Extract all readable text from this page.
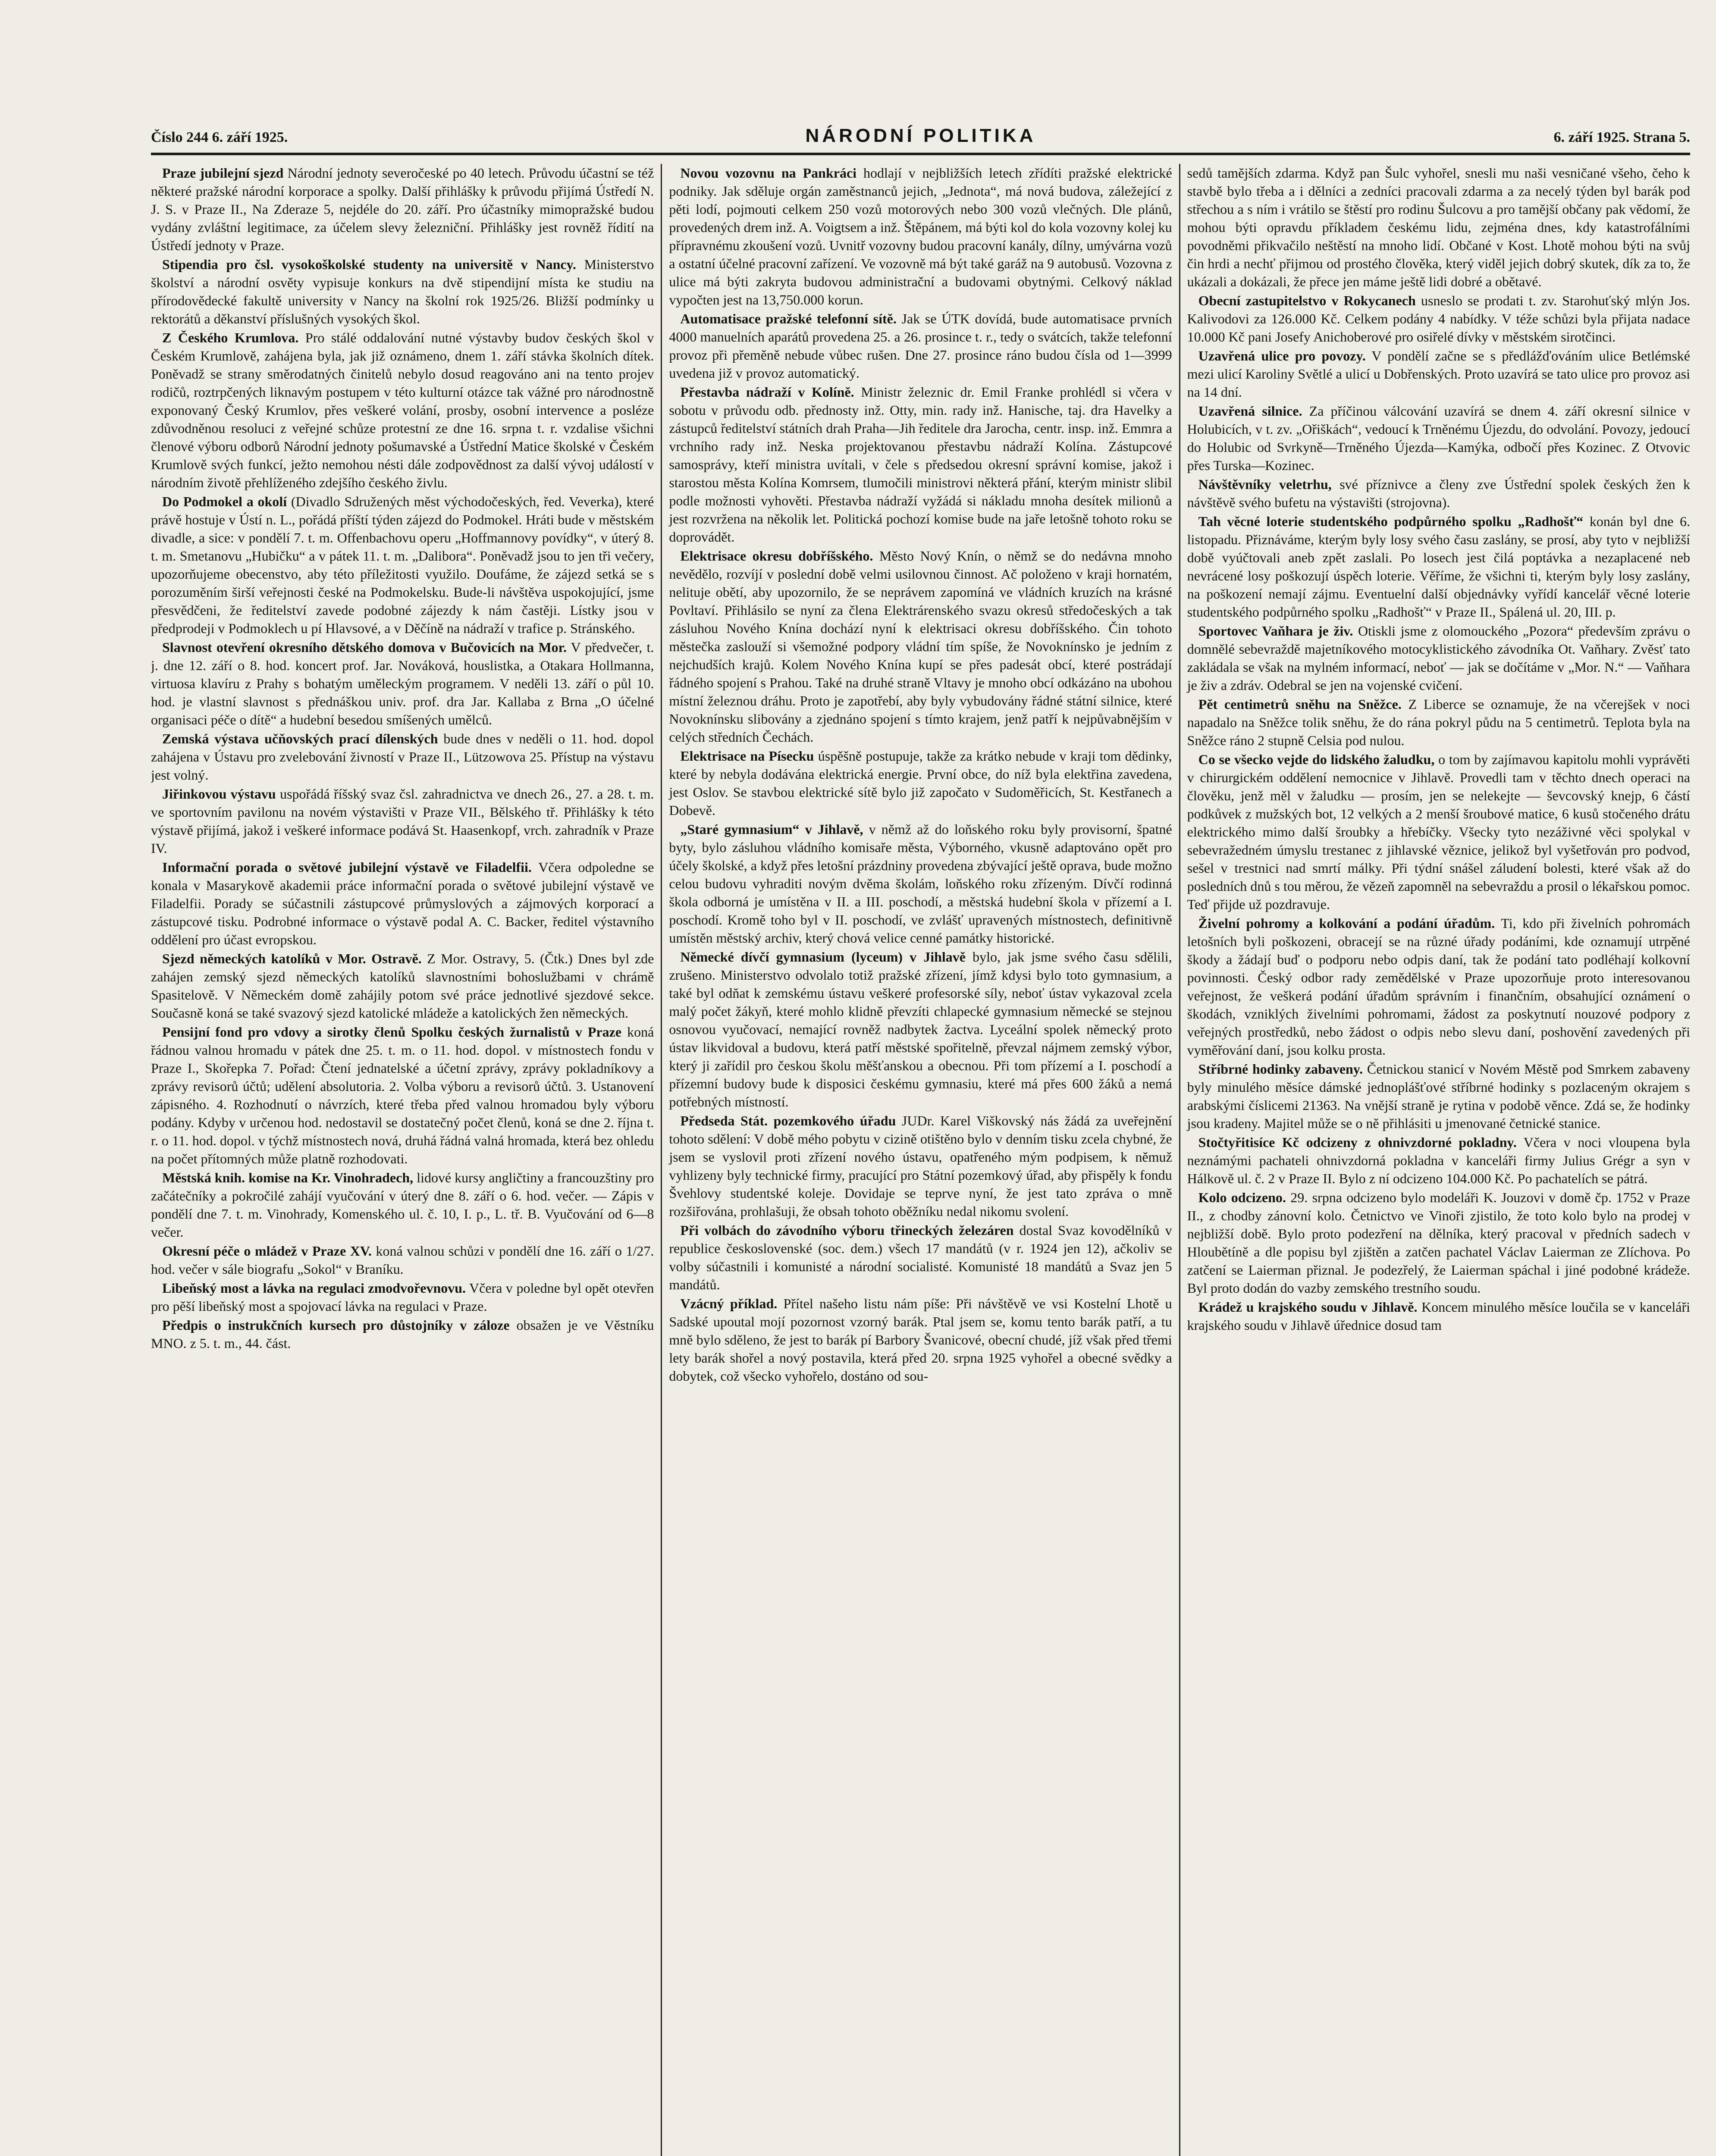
Číslo 244 6. září 1925.	NÁRODNÍ POLITIKA	6. září 1925. Strana 5.

Praze jubilejní sjezd Národní jednoty severočeské po 40 letech. Průvodu účastní se též některé pražské národní korporace a spolky. Další přihlášky k průvodu přijímá Ústředí N. J. S. v Praze II., Na Zderaze 5, nejdéle do 20. září. Pro účastníky mimopražské budou vydány zvláštní legitimace, za účelem slevy železniční. Přihlášky jest rovněž řídití na Ústředí jednoty v Praze.

Stipendia pro čsl. vysokoškolské studenty na universitě v Nancy. Ministerstvo školství a národní osvěty vypisuje konkurs na dvě stipendijní místa ke studiu na přírodovědecké fakultě university v Nancy na školní rok 1925/26. Bližší podmínky u rektorátů a děkanství příslušných vysokých škol.

Z Českého Krumlova. Pro stálé oddalování nutné výstavby budov českých škol v Českém Krumlově, zahájena byla, jak již oznámeno, dnem 1. září stávka školních dítek. Poněvadž se strany směrodatných činitelů nebylo dosud reagováno ani na tento projev rodičů, roztrpčených liknavým postupem v této kulturní otázce tak vážné pro národnostně exponovaný Český Krumlov, přes veškeré volání, prosby, osobní intervence a posléze zdůvodněnou resoluci z veřejné schůze protestní ze dne 16. srpna t. r. vzdalise všichni členové výboru odborů Národní jednoty pošumavské a Ústřední Matice školské v Českém Krumlově svých funkcí, ježto nemohou nésti dále zodpovědnost za další vývoj událostí v národním životě přehlíženého zdejšího českého živlu.

Do Podmokel a okolí (Divadlo Sdružených měst východočeských, řed. Veverka), které právě hostuje v Ústí n. L., pořádá příští týden zájezd do Podmokel. Hráti bude v městském divadle, a sice: v pondělí 7. t. m. Offenbachovu operu „Hoffmannovy povídky“, v úterý 8. t. m. Smetanovu „Hubičku“ a v pátek 11. t. m. „Dalibora“. Poněvadž jsou to jen tři večery, upozorňujeme obecenstvo, aby této příležitosti využilo. Doufáme, že zájezd setká se s porozuměním širší veřejnosti české na Podmokelsku. Bude-li návštěva uspokojující, jsme přesvědčeni, že ředitelství zavede podobné zájezdy k nám častěji. Lístky jsou v předprodeji v Podmoklech u pí Hlavsové, a v Děčíně na nádraží v trafice p. Stránského.

Slavnost otevření okresního dětského domova v Bučovicích na Mor. V předvečer, t. j. dne 12. září o 8. hod. koncert prof. Jar. Nováková, houslistka, a Otakara Hollmanna, virtuosa klavíru z Prahy s bohatým uměleckým programem. V neděli 13. září o půl 10. hod. je vlastní slavnost s přednáškou univ. prof. dra Jar. Kallaba z Brna „O účelné organisaci péče o dítě“ a hudební besedou smíšených umělců.

Zemská výstava učňovských prací dílenských bude dnes v neděli o 11. hod. dopol zahájena v Ústavu pro zvelebování živností v Praze II., Lützowova 25. Přístup na výstavu jest volný.

Jiřinkovou výstavu uspořádá říšský svaz čsl. zahradnictva ve dnech 26., 27. a 28. t. m. ve sportovním pavilonu na novém výstavišti v Praze VII., Bělského tř. Přihlášky k této výstavě přijímá, jakož i veškeré informace podává St. Haasenkopf, vrch. zahradník v Praze IV.

Informační porada o světové jubilejní výstavě ve Filadelfii. Včera odpoledne se konala v Masarykově akademii práce informační porada o světové jubilejní výstavě ve Filadelfii. Porady se súčastnili zástupcové průmyslových a zájmových korporací a zástupcové tisku. Podrobné informace o výstavě podal A. C. Backer, ředitel výstavního oddělení pro účast evropskou.

Sjezd německých katolíků v Mor. Ostravě. Z Mor. Ostravy, 5. (Čtk.) Dnes byl zde zahájen zemský sjezd německých katolíků slavnostními bohoslužbami v chrámě Spasitelově. V Německém domě zahájily potom své práce jednotlivé sjezdové sekce. Současně koná se také svazový sjezd katolické mládeže a katolických žen německých.

Pensijní fond pro vdovy a sirotky členů Spolku českých žurnalistů v Praze koná řádnou valnou hromadu v pátek dne 25. t. m. o 11. hod. dopol. v místnostech fondu v Praze I., Skořepka 7. Pořad: Čtení jednatelské a účetní zprávy, zprávy pokladníkovy a zprávy revisorů účtů; udělení absolutoria. 2. Volba výboru a revisorů účtů. 3. Ustanovení zápisného. 4. Rozhodnutí o návrzích, které třeba před valnou hromadou byly výboru podány. Kdyby v určenou hod. nedostavil se dostatečný počet členů, koná se dne 2. října t. r. o 11. hod. dopol. v týchž místnostech nová, druhá řádná valná hromada, která bez ohledu na počet přítomných může platně rozhodovati.

Městská knih. komise na Kr. Vinohradech, lidové kursy angličtiny a francouzštiny pro začátečníky a pokročilé zahájí vyučování v úterý dne 8. září o 6. hod. večer. — Zápis v pondělí dne 7. t. m. Vinohrady, Komenského ul. č. 10, I. p., L. tř. B. Vyučování od 6—8 večer.

Okresní péče o mládež v Praze XV. koná valnou schůzi v pondělí dne 16. září o 1/27. hod. večer v sále biografu „Sokol“ v Braníku.

Libeňský most a lávka na regulaci zmodvořevnovu. Včera v poledne byl opět otevřen pro pěší libeňský most a spojovací lávka na regulaci v Praze.

Předpis o instrukčních kursech pro důstojníky v záloze obsažen je ve Věstníku MNO. z 5. t. m., 44. část.

Novou vozovnu na Pankráci hodlají v nejbližších letech zřídíti pražské elektrické podniky. Jak sděluje orgán zaměstnanců jejich, „Jednota“, má nová budova, záležející z pěti lodí, pojmouti celkem 250 vozů motorových nebo 300 vozů vlečných. Dle plánů, provedených drem inž. A. Voigtsem a inž. Štěpánem, má býti kol do kola vozovny kolej ku přípravnému zkoušení vozů. Uvnitř vozovny budou pracovní kanály, dílny, umývárna vozů a ostatní účelné pracovní zařízení. Ve vozovně má být také garáž na 9 autobusů. Vozovna z ulice má býti zakryta budovou administrační a budovami obytnými. Celkový náklad vypočten jest na 13,750.000 korun.

Automatisace pražské telefonní sítě. Jak se ÚTK dovídá, bude automatisace prvních 4000 manuelních aparátů provedena 25. a 26. prosince t. r., tedy o svátcích, takže telefonní provoz při přeměně nebude vůbec rušen. Dne 27. prosince ráno budou čísla od 1—3999 uvedena již v provoz automatický.

Přestavba nádraží v Kolíně. Ministr železnic dr. Emil Franke prohlédl si včera v sobotu v průvodu odb. přednosty inž. Otty, min. rady inž. Hanische, taj. dra Havelky a zástupců ředitelství státních drah Praha—Jih ředitele dra Jarocha, centr. insp. inž. Emmra a vrchního rady inž. Neska projektovanou přestavbu nádraží Kolína. Zástupcové samosprávy, kteří ministra uvítali, v čele s předsedou okresní správní komise, jakož i starostou města Kolína Komrsem, tlumočili ministrovi některá přání, kterým ministr slibil podle možnosti vyhověti. Přestavba nádraží vyžádá si nákladu mnoha desítek milionů a jest rozvržena na několik let. Politická pochozí komise bude na jaře letošně tohoto roku se doprovádět.

Elektrisace okresu dobříšského. Město Nový Knín, o němž se do nedávna mnoho nevědělo, rozvíjí v poslední době velmi usilovnou činnost. Ač položeno v kraji hornatém, nelituje obětí, aby upozornilo, že se neprávem zapomíná ve vládních kruzích na krásné Povltaví. Přihlásilo se nyní za člena Elektrárenského svazu okresů středočeských a tak zásluhou Nového Knína dochází nyní k elektrisaci okresu dobříšského. Čin tohoto městečka zaslouží si všemožné podpory vládní tím spíše, že Novoknínsko je jedním z nejchudších krajů. Kolem Nového Knína kupí se přes padesát obcí, které postrádají řádného spojení s Prahou. Také na druhé straně Vltavy je mnoho obcí odkázáno na ubohou místní železnou dráhu. Proto je zapotřebí, aby byly vybudovány řádné státní silnice, které Novoknínsku slibovány a zjednáno spojení s tímto krajem, jenž patří k nejpůvabnějším v celých středních Čechách.

Elektrisace na Písecku úspěšně postupuje, takže za krátko nebude v kraji tom dědinky, které by nebyla dodávána elektrická energie. První obce, do níž byla elektřina zavedena, jest Oslov. Se stavbou elektrické sítě bylo již započato v Sudoměřicích, St. Kestřanech a Dobevě.

„Staré gymnasium“ v Jihlavě, v němž až do loňského roku byly provisorní, špatné byty, bylo zásluhou vládního komisaře města, Výborného, vkusně adaptováno opět pro účely školské, a když přes letošní prázdniny provedena zbývající ještě oprava, bude možno celou budovu vyhraditi novým dvěma školám, loňského roku zřízeným. Dívčí rodinná škola odborná je umístěna v II. a III. poschodí, a městská hudební škola v přízemí a I. poschodí. Kromě toho byl v II. poschodí, ve zvlášť upravených místnostech, definitivně umístěn městský archiv, který chová velice cenné památky historické.

Německé dívčí gymnasium (lyceum) v Jihlavě bylo, jak jsme svého času sdělili, zrušeno. Ministerstvo odvolalo totiž pražské zřízení, jímž kdysi bylo toto gymnasium, a také byl odňat k zemskému ústavu veškeré profesorské síly, neboť ústav vykazoval zcela malý počet žákyň, které mohlo klidně převzíti chlapecké gymnasium německé se stejnou osnovou vyučovací, nemající rovněž nadbytek žactva. Lyceální spolek německý proto ústav likvidoval a budovu, která patří městské spořitelně, převzal nájmem zemský výbor, který ji zařídil pro českou školu měšťanskou a obecnou. Při tom přízemí a I. poschodí a přízemní budovy bude k disposici českému gymnasiu, které má přes 600 žáků a nemá potřebných místností.

Předseda Stát. pozemkového úřadu JUDr. Karel Viškovský nás žádá za uveřejnění tohoto sdělení: V době mého pobytu v cizině otištěno bylo v denním tisku zcela chybné, že jsem se vyslovil proti zřízení nového ústavu, opatřeného mým podpisem, k němuž vyhlizeny byly technické firmy, pracující pro Státní pozemkový úřad, aby přispěly k fondu Švehlovy studentské koleje. Dovidaje se teprve nyní, že jest tato zpráva o mně rozšiřována, prohlašuji, že obsah tohoto oběžníku nedal nikomu svolení.

Při volbách do závodního výboru třineckých železáren dostal Svaz kovodělníků v republice československé (soc. dem.) všech 17 mandátů (v r. 1924 jen 12), ačkoliv se volby súčastnili i komunisté a národní socialisté. Komunisté 18 mandátů a Svaz jen 5 mandátů.

Vzácný příklad. Přítel našeho listu nám píše: Při návštěvě ve vsi Kostelní Lhotě u Sadské upoutal mojí pozornost vzorný barák. Ptal jsem se, komu tento barák patří, a tu mně bylo sděleno, že jest to barák pí Barbory Švanicové, obecní chudé, jíž však před třemi lety barák shořel a nový postavila, která před 20. srpna 1925 vyhořel a obecné svědky a dobytek, což všecko vyhořelo, dostáno od sou-

sedů tamějších zdarma. Když pan Šulc vyhořel, snesli mu naši vesničané všeho, čeho k stavbě bylo třeba a i dělníci a zedníci pracovali zdarma a za necelý týden byl barák pod střechou a s ním i vrátilo se štěstí pro rodinu Šulcovu a pro tamější občany pak vědomí, že mohou býti opravdu příkladem českému lidu, zejména dnes, kdy katastrofálními povodněmi přikvačilo neštěstí na mnoho lidí. Občané v Kost. Lhotě mohou býti na svůj čin hrdi a nechť přijmou od prostého člověka, který viděl jejich dobrý skutek, dík za to, že ukázali a dokázali, že přece jen máme ještě lidi dobré a obětavé.

Obecní zastupitelstvo v Rokycanech usneslo se prodati t. zv. Starohuťský mlýn Jos. Kalivodovi za 126.000 Kč. Celkem podány 4 nabídky. V téže schůzi byla přijata nadace 10.000 Kč pani Josefy Anichoberové pro osiřelé dívky v městském sirotčinci.

Uzavřená ulice pro povozy. V pondělí začne se s předlážďováním ulice Betlémské mezi ulicí Karoliny Světlé a ulicí u Dobřenských. Proto uzavírá se tato ulice pro provoz asi na 14 dní.

Uzavřená silnice. Za příčinou válcování uzavírá se dnem 4. září okresní silnice v Holubicích, v t. zv. „Ořiškách“, vedoucí k Trněnému Újezdu, do odvolání. Povozy, jedoucí do Holubic od Svrkyně—Trněného Újezda—Kamýka, odbočí přes Kozinec. Z Otvovic přes Turska—Kozinec.

Návštěvníky veletrhu, své příznivce a členy zve Ústřední spolek českých žen k návštěvě svého bufetu na výstavišti (strojovna).

Tah věcné loterie studentského podpůrného spolku „Radhošť“ konán byl dne 6. listopadu. Přiznáváme, kterým byly losy svého času zaslány, se prosí, aby tyto v nejbližší době vyúčtovali aneb zpět zaslali. Po losech jest čilá poptávka a nezaplacené neb nevrácené losy poškozují úspěch loterie. Věříme, že všichni ti, kterým byly losy zaslány, na poškození nemají zájmu. Eventuelní další objednávky vyřídí kancelář věcné loterie studentského podpůrného spolku „Radhošť“ v Praze II., Spálená ul. 20, III. p.

Sportovec Vaňhara je živ. Otiskli jsme z olomouckého „Pozora“ především zprávu o domnělé sebevraždě majetníkového motocyklistického závodníka Ot. Vaňhary. Zvěsť tato zakládala se však na mylném informací, neboť — jak se dočítáme v „Mor. N.“ — Vaňhara je živ a zdráv. Odebral se jen na vojenské cvičení.

Pět centimetrů sněhu na Sněžce. Z Liberce se oznamuje, že na včerejšek v noci napadalo na Sněžce tolik sněhu, že do rána pokryl půdu na 5 centimetrů. Teplota byla na Sněžce ráno 2 stupně Celsia pod nulou.

Co se všecko vejde do lidského žaludku, o tom by zajímavou kapitolu mohli vyprávěti v chirurgickém oddělení nemocnice v Jihlavě. Provedli tam v těchto dnech operaci na člověku, jenž měl v žaludku — prosím, jen se nelekejte — ševcovský knejp, 6 částí podkůvek z mužských bot, 12 velkých a 2 menší šroubové matice, 6 kusů stočeného drátu elektrického mimo další šroubky a hřebíčky. Všecky tyto nezáživné věci spolykal v sebevražedném úmyslu trestanec z jihlavské věznice, jelikož byl vyšetřován pro podvod, sešel v trestnici nad smrtí málky. Při týdní snášel záludení bolesti, které však až do posledních dnů s tou měrou, že vězeň zapomněl na sebevraždu a prosil o lékařskou pomoc. Teď přijde už pozdravuje.

Živelní pohromy a kolkování a podání úřadům. Ti, kdo při živelních pohromách letošních byli poškozeni, obracejí se na různé úřady podáními, kde oznamují utrpěné škody a žádají buď o podporu nebo odpis daní, tak že podání tato podléhají kolkovní povinnosti. Český odbor rady zemědělské v Praze upozorňuje proto interesovanou veřejnost, že veškerá podání úřadům správním i finančním, obsahující oznámení o škodách, vzniklých živelními pohromami, žádost za poskytnutí nouzové podpory z veřejných prostředků, nebo žádost o odpis nebo slevu daní, poshovění zavedených při vyměřování daní, jsou kolku prosta.

Stříbrné hodinky zabaveny. Četnickou stanicí v Novém Městě pod Smrkem zabaveny byly minulého měsíce dámské jednoplášťové stříbrné hodinky s pozlaceným okrajem s arabskými číslicemi 21363. Na vnější straně je rytina v podobě věnce. Zdá se, že hodinky jsou kradeny. Majitel může se o ně přihlásiti u jmenované četnické stanice.

Stočtyřitisíce Kč odcizeny z ohnivzdorné pokladny. Včera v noci vloupena byla neznámými pachateli ohnivzdorná pokladna v kanceláři firmy Julius Grégr a syn v Hálkově ul. č. 2 v Praze II. Bylo z ní odcizeno 104.000 Kč. Po pachatelích se pátrá.

Kolo odcizeno. 29. srpna odcizeno bylo modeláři K. Jouzovi v domě čp. 1752 v Praze II., z chodby zánovní kolo. Četnictvo ve Vinoři zjistilo, že toto kolo bylo na prodej v nejbližší době. Bylo proto podezření na dělníka, který pracoval v předních sadech v Hloubětíně a dle popisu byl zjištěn a zatčen pachatel Václav Laierman ze Zlíchova. Po zatčení se Laierman přiznal. Je podezřelý, že Laierman spáchal i jiné podobné krádeže. Byl proto dodán do vazby zemského trestního soudu.

Krádež u krajského soudu v Jihlavě. Koncem minulého měsíce loučila se v kanceláři krajského soudu v Jihlavě úřednice dosud tam
